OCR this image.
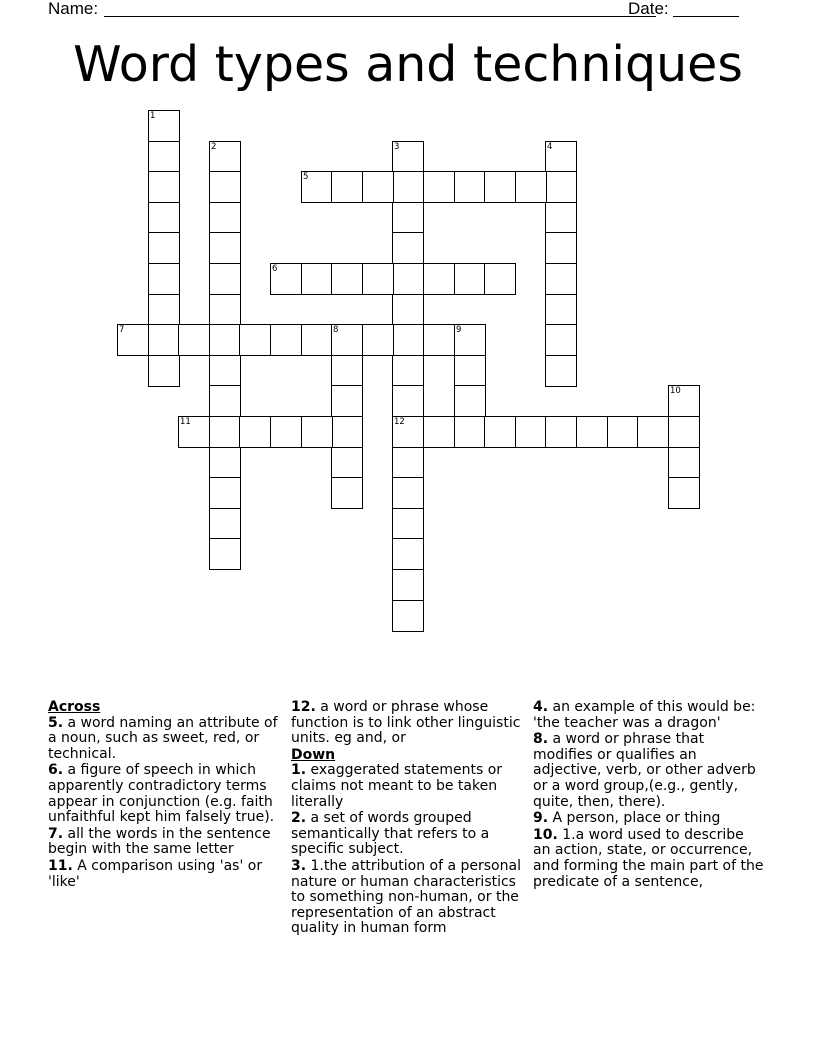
Name:	Date:
Word types and techniques
1
2	3	4
5
6
7	8	9
10
11	12
Across
5. a word naming an attribute of a noun, such as sweet, red, or technical.
6. a figure of speech in which apparently contradictory terms appear in conjunction (e.g. faith unfaithful kept him falsely true).
7. all the words in the sentence begin with the same letter
11. A comparison using 'as' or 'like'
12. a word or phrase whose function is to link other linguistic units. eg and, or
Down
1. exaggerated statements or claims not meant to be taken literally
2. a set of words grouped semantically that refers to a specific subject.
3. 1.the attribution of a personal nature or human characteristics to something non-human, or the representation of an abstract quality in human form
4. an example of this would be: 'the teacher was a dragon'
8. a word or phrase that modifies or qualifies an adjective, verb, or other adverb or a word group,(e.g., gently, quite, then, there).
9. A person, place or thing
10. 1.a word used to describe an action, state, or occurrence, and forming the main part of the predicate of a sentence,
